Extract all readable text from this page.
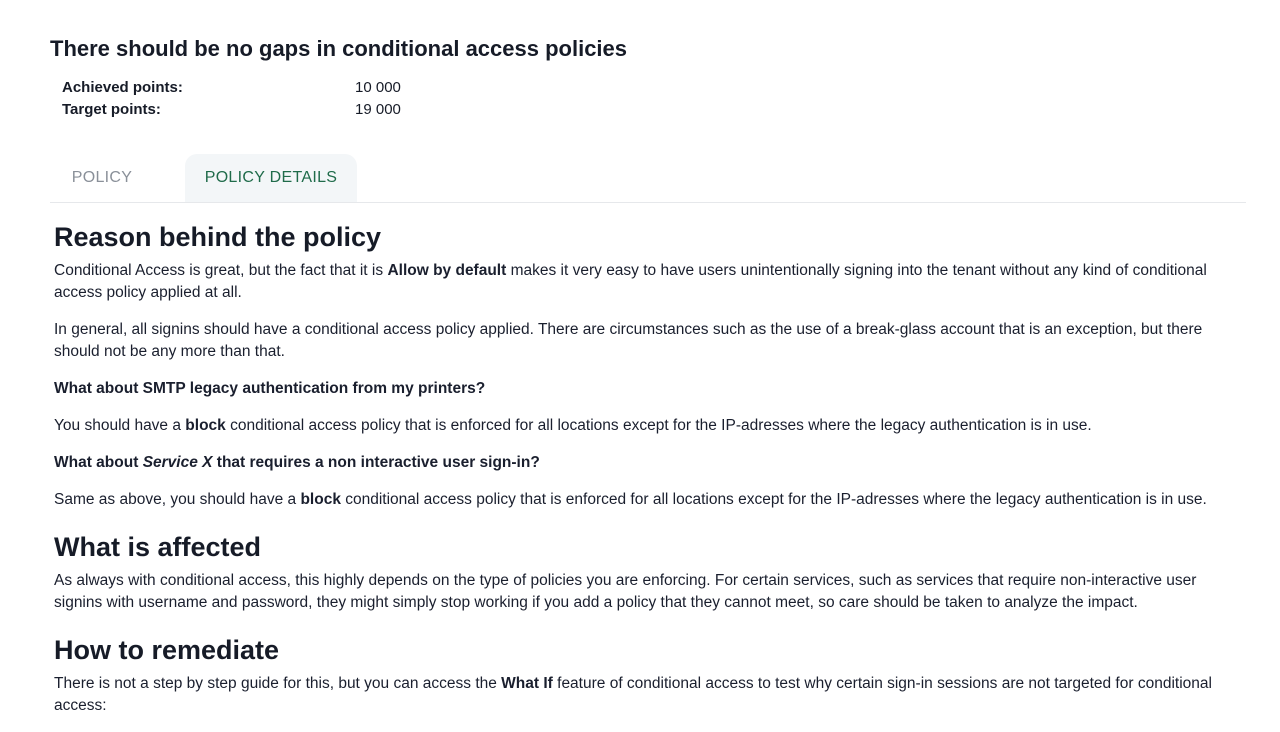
There should be no gaps in conditional access policies
Achieved points:	10 000
Target points:	19 000
POLICY	POLICY DETAILS
Reason behind the policy

Conditional Access is great, but the fact that it is Allow by default makes it very easy to have users unintentionally signing into the tenant without any kind of conditional access policy applied at all.

In general, all signins should have a conditional access policy applied. There are circumstances such as the use of a break-glass account that is an exception, but there should not be any more than that.

What about SMTP legacy authentication from my printers?

You should have a block conditional access policy that is enforced for all locations except for the IP-adresses where the legacy authentication is in use.

What about Service X that requires a non interactive user sign-in?

Same as above, you should have a block conditional access policy that is enforced for all locations except for the IP-adresses where the legacy authentication is in use.

What is affected

As always with conditional access, this highly depends on the type of policies you are enforcing. For certain services, such as services that require non-interactive user signins with username and password, they might simply stop working if you add a policy that they cannot meet, so care should be taken to analyze the impact.

How to remediate

There is not a step by step guide for this, but you can access the What If feature of conditional access to test why certain sign-in sessions are not targeted for conditional access:
